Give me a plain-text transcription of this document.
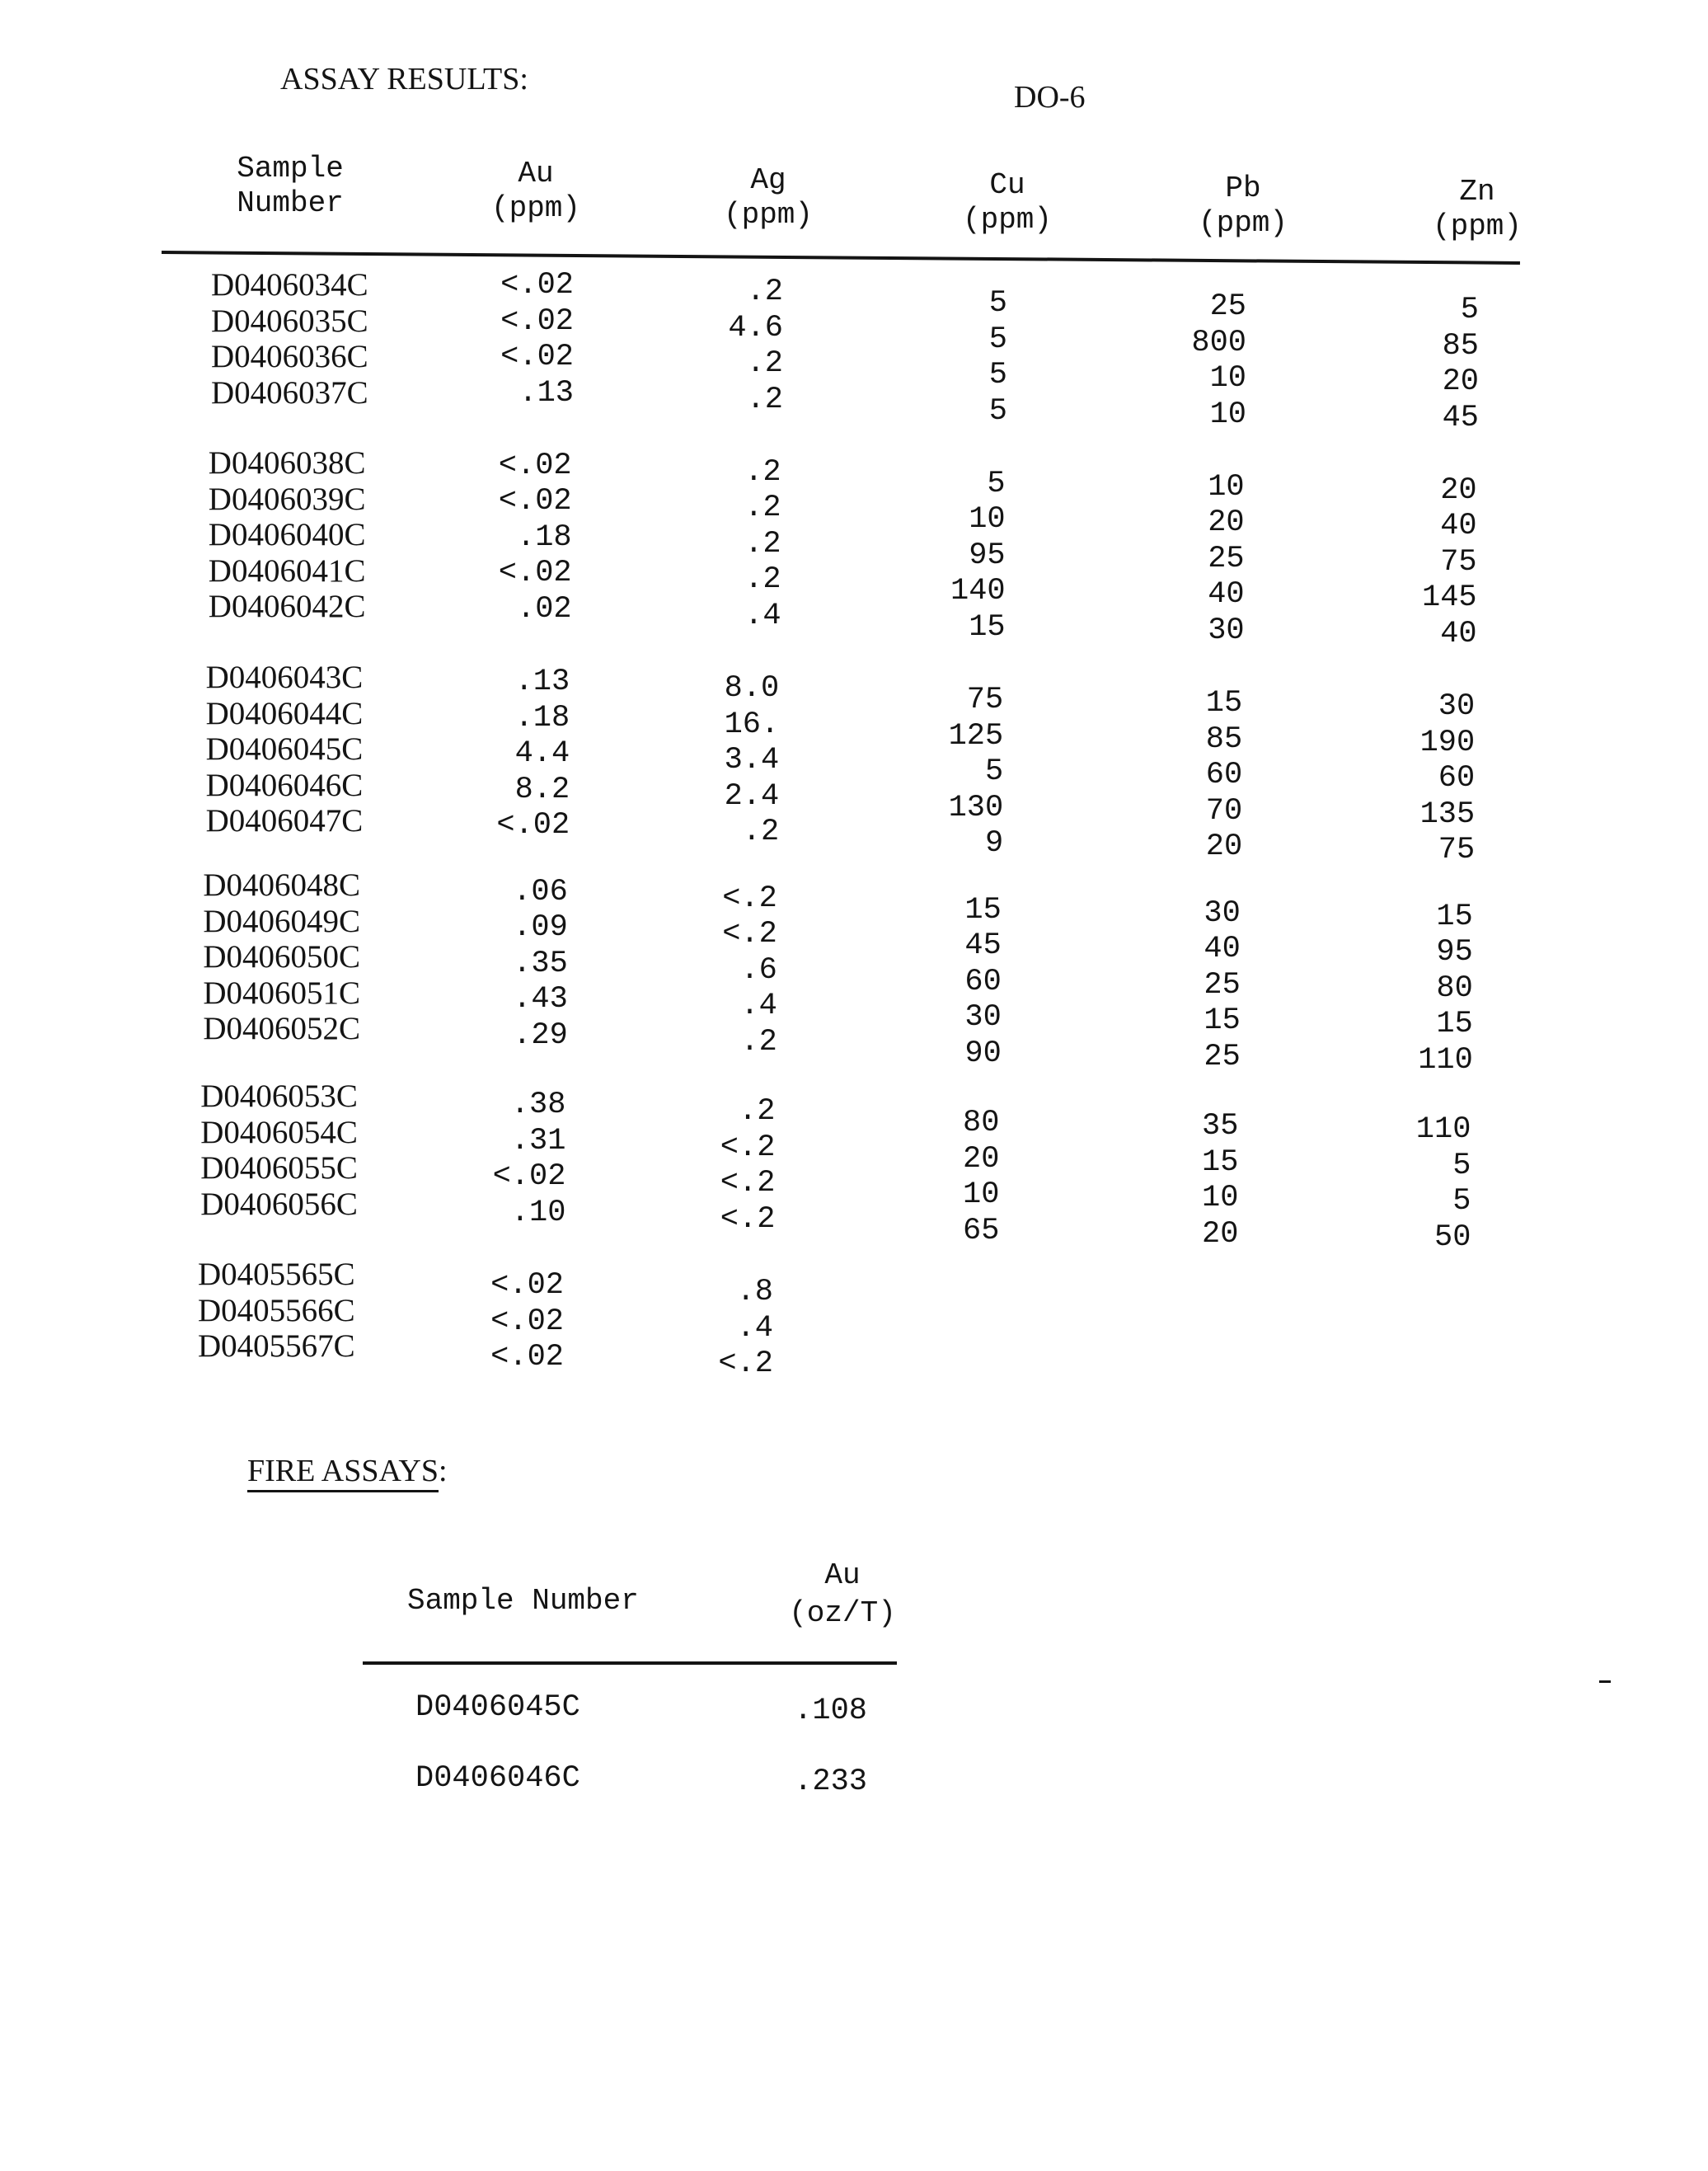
ASSAY RESULTS:
DO-6
Sample
Number
Au
(ppm)
Ag
(ppm)
Cu
(ppm)
Pb
(ppm)
Zn
(ppm)
D0406034C	<.02	.2	5	25	5
D0406035C	<.02	4.6	5	800	85
D0406036C	<.02	.2	5	10	20
D0406037C	.13	.2	5	10	45
D0406038C	<.02	.2	5	10	20
D0406039C	<.02	.2	10	20	40
D0406040C	.18	.2	95	25	75
D0406041C	<.02	.2	140	40	145
D0406042C	.02	.4	15	30	40
D0406043C	.13	8.0	75	15	30
D0406044C	.18	16.	125	85	190
D0406045C	4.4	3.4	5	60	60
D0406046C	8.2	2.4	130	70	135
D0406047C	<.02	.2	9	20	75
D0406048C	.06	<.2	15	30	15
D0406049C	.09	<.2	45	40	95
D0406050C	.35	.6	60	25	80
D0406051C	.43	.4	30	15	15
D0406052C	.29	.2	90	25	110
D0406053C	.38	.2	80	35	110
D0406054C	.31	<.2	20	15	5
D0406055C	<.02	<.2	10	10	5
D0406056C	.10	<.2	65	20	50
D0405565C	<.02	.8
D0405566C	<.02	.4
D0405567C	<.02	<.2
FIRE ASSAYS:
Sample Number
Au
(oz/T)
D0406045C	.108
D0406046C	.233
